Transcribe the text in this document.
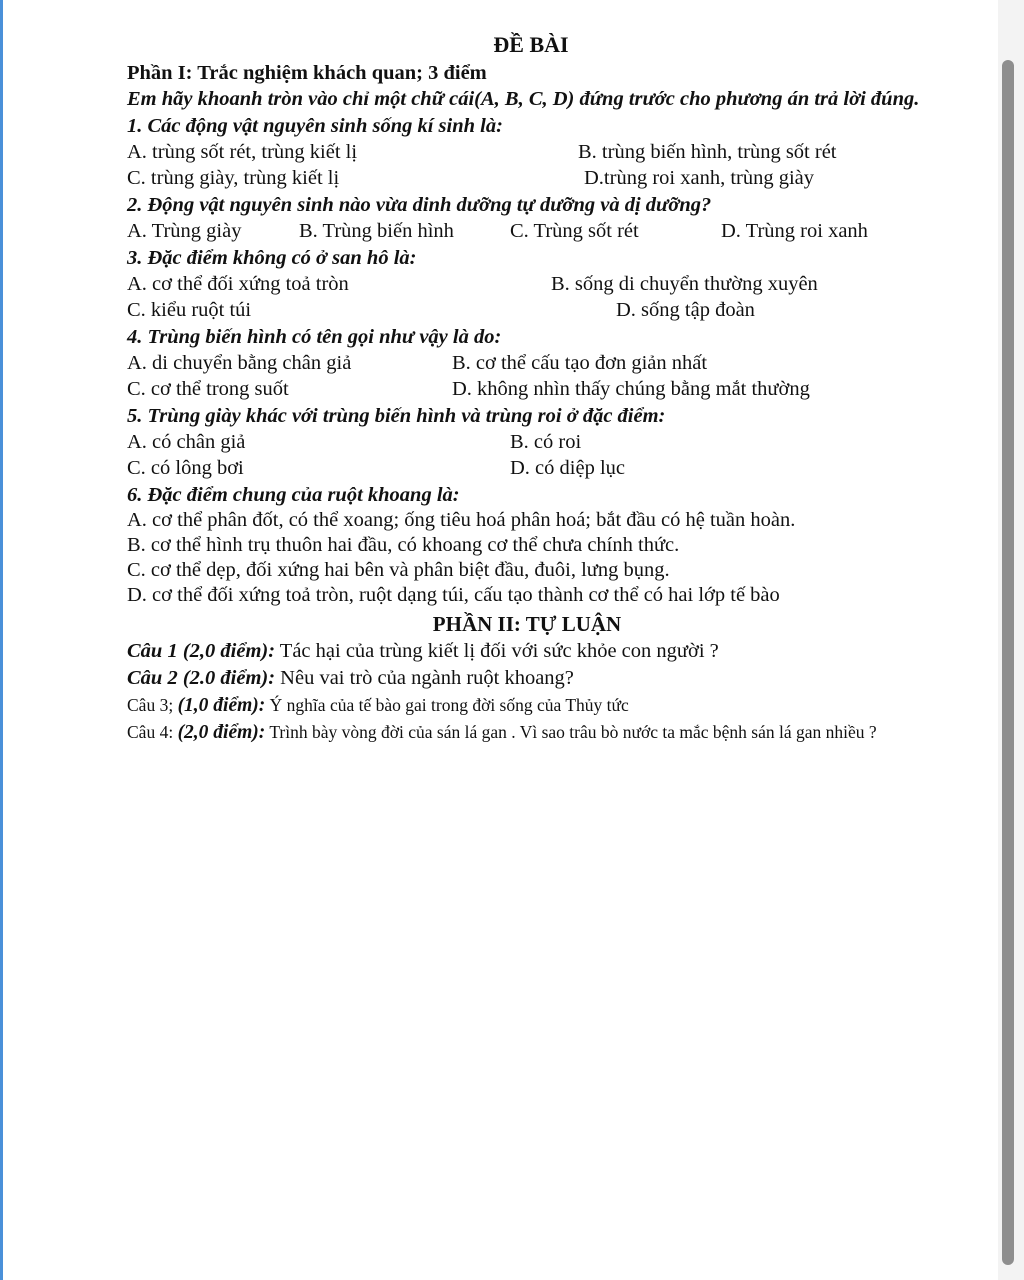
ĐỀ BÀI
Phần I: Trắc nghiệm khách quan; 3 điểm
Em hãy khoanh tròn vào chỉ một chữ cái(A, B, C, D) đứng trước cho phương án trả lời đúng.
1. Các động vật nguyên sinh sống kí sinh là:
A. trùng sốt rét, trùng kiết lị	B. trùng biến hình, trùng sốt rét
C. trùng giày, trùng kiết lị	D.trùng roi xanh, trùng giày
2. Động vật nguyên sinh nào vừa dinh dưỡng tự dưỡng và dị dưỡng?
A. Trùng giày	B. Trùng biến hình	C. Trùng sốt rét	D. Trùng roi xanh
3. Đặc điểm không có ở san hô là:
A. cơ thể đối xứng toả tròn	B. sống di chuyển thường xuyên
C. kiểu ruột túi	D. sống tập đoàn
4. Trùng biến hình có tên gọi như vậy là do:
A. di chuyển bằng chân giả	B. cơ thể cấu tạo đơn giản nhất
C. cơ thể trong suốt	D. không nhìn thấy chúng bằng mắt thường
5. Trùng giày khác với trùng biến hình và trùng roi ở đặc điểm:
A. có chân giả	B. có roi
C. có lông bơi	D. có diệp lục
6. Đặc điểm chung của ruột khoang là:
A. cơ thể phân đốt, có thể xoang; ống tiêu hoá phân hoá; bắt đầu có hệ tuần hoàn.
B. cơ thể hình trụ thuôn hai đầu, có khoang cơ thể chưa chính thức.
C. cơ thể dẹp, đối xứng hai bên và phân biệt đầu, đuôi, lưng bụng.
D. cơ thể đối xứng toả tròn, ruột dạng túi, cấu tạo thành cơ thể có hai lớp tế bào
PHẦN II: TỰ LUẬN
Câu 1 (2,0 điểm): Tác hại của trùng kiết lị đối với sức khỏe con người ?
Câu 2 (2.0 điểm): Nêu vai trò của ngành ruột khoang?
Câu 3; (1,0 điểm): Ý nghĩa của tế bào gai trong đời sống của Thủy tức
Câu 4: (2,0 điểm): Trình bày vòng đời của sán lá gan . Vì sao trâu bò nước ta mắc bệnh sán lá gan nhiều ?
